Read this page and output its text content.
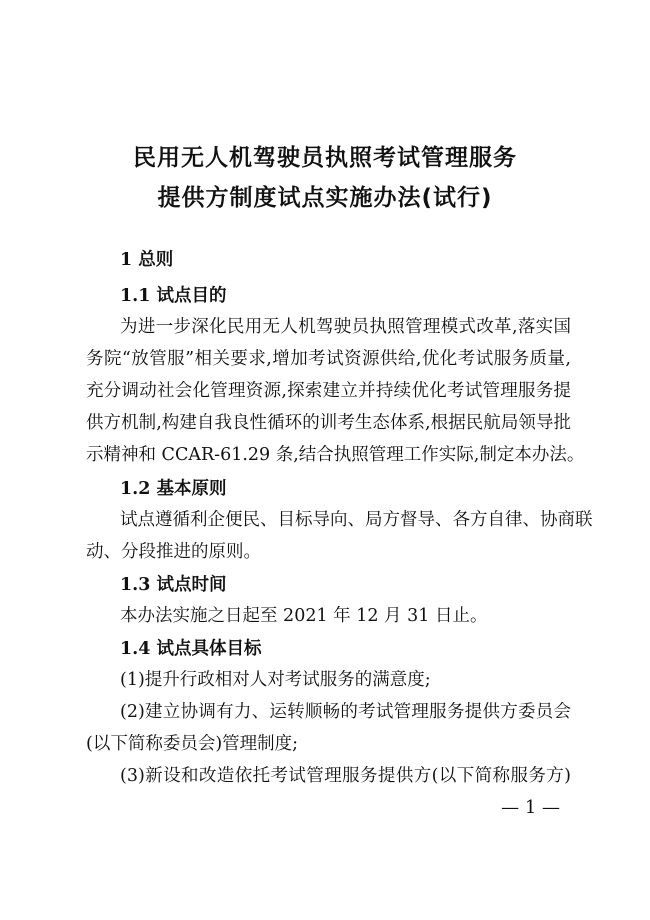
民用无人机驾驶员执照考试管理服务
提供方制度试点实施办法(试行)
1 总则
1.1 试点目的
为进一步深化民用无人机驾驶员执照管理模式改革,落实国
务院“放管服”相关要求,增加考试资源供给,优化考试服务质量,
充分调动社会化管理资源,探索建立并持续优化考试管理服务提
供方机制,构建自我良性循环的训考生态体系,根据民航局领导批
示精神和 CCAR-61.29 条,结合执照管理工作实际,制定本办法。
1.2 基本原则
试点遵循利企便民、目标导向、局方督导、各方自律、协商联
动、分段推进的原则。
1.3 试点时间
本办法实施之日起至 2021 年 12 月 31 日止。
1.4 试点具体目标
(1)提升行政相对人对考试服务的满意度;
(2)建立协调有力、运转顺畅的考试管理服务提供方委员会
(以下简称委员会)管理制度;
(3)新设和改造依托考试管理服务提供方(以下简称服务方)
— 1 —
